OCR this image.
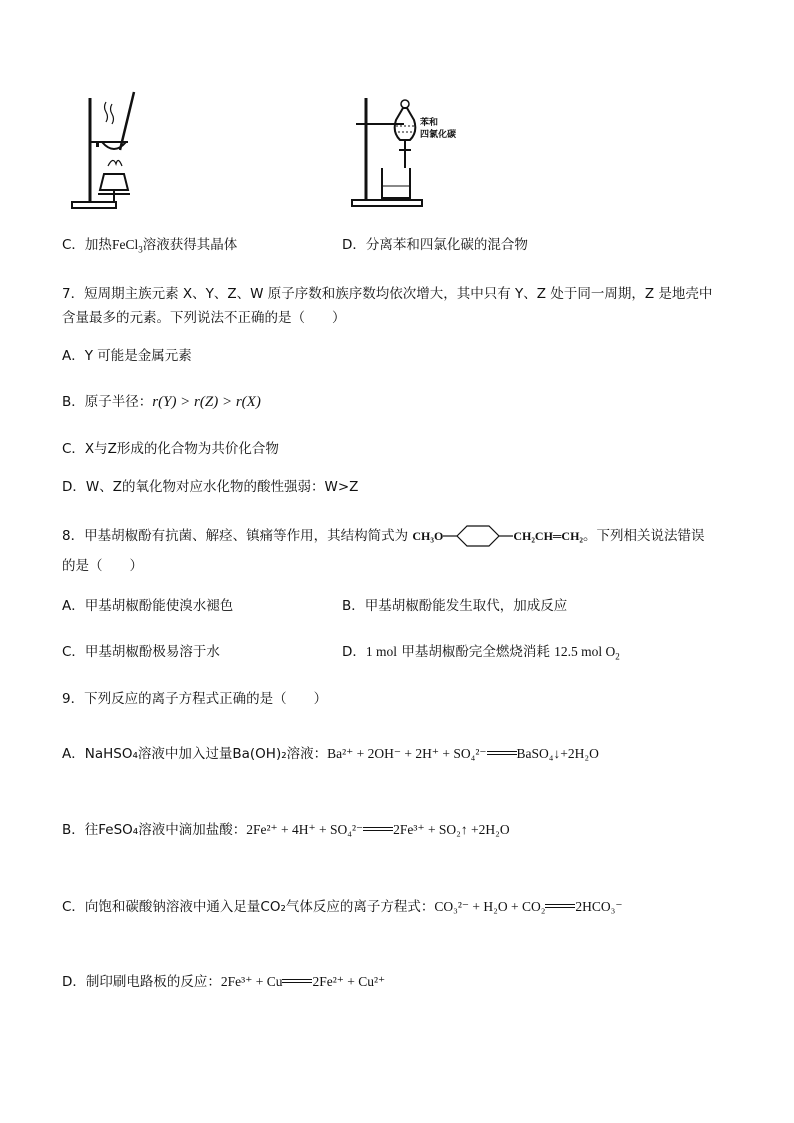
苯和
四氯化碳
C．加热FeCl$_3$溶液获得其晶体	D．分离苯和四氯化碳的混合物
7．短周期主族元素 X、Y、Z、W 原子序数和族序数均依次增大，其中只有 Y、Z 处于同一周期，Z 是地壳中
含量最多的元素。下列说法不正确的是（　　）
A．Y 可能是金属元素
B．原子半径：r(Y) > r(Z) > r(X)
C．X与Z形成的化合物为共价化合物
D．W、Z的氧化物对应水化物的酸性强弱：W>Z
8．甲基胡椒酚有抗菌、解痉、镇痛等作用，其结构简式为 CH₃O	CH₂CH═CH₂。下列相关说法错误
的是（　　）
A．甲基胡椒酚能使溴水褪色	B．甲基胡椒酚能发生取代，加成反应
C．甲基胡椒酚极易溶于水	D．1 mol 甲基胡椒酚完全燃烧消耗 12.5 mol $O_2$
9．下列反应的离子方程式正确的是（　　）
A．NaHSO₄溶液中加入过量Ba(OH)₂溶液：Ba²⁺ + 2OH⁻ + 2H⁺ + SO₄²⁻ BaSO₄↓+2H₂O
B．往FeSO₄溶液中滴加盐酸：2Fe²⁺ + 4H⁺ + SO₄²⁻ 2Fe³⁺ + SO₂↑ +2H₂O
C．向饱和碳酸钠溶液中通入足量CO₂气体反应的离子方程式：CO₃²⁻ + H₂O + CO₂ 2HCO₃⁻
D．制印刷电路板的反应：2Fe³⁺ + Cu 2Fe²⁺ + Cu²⁺
